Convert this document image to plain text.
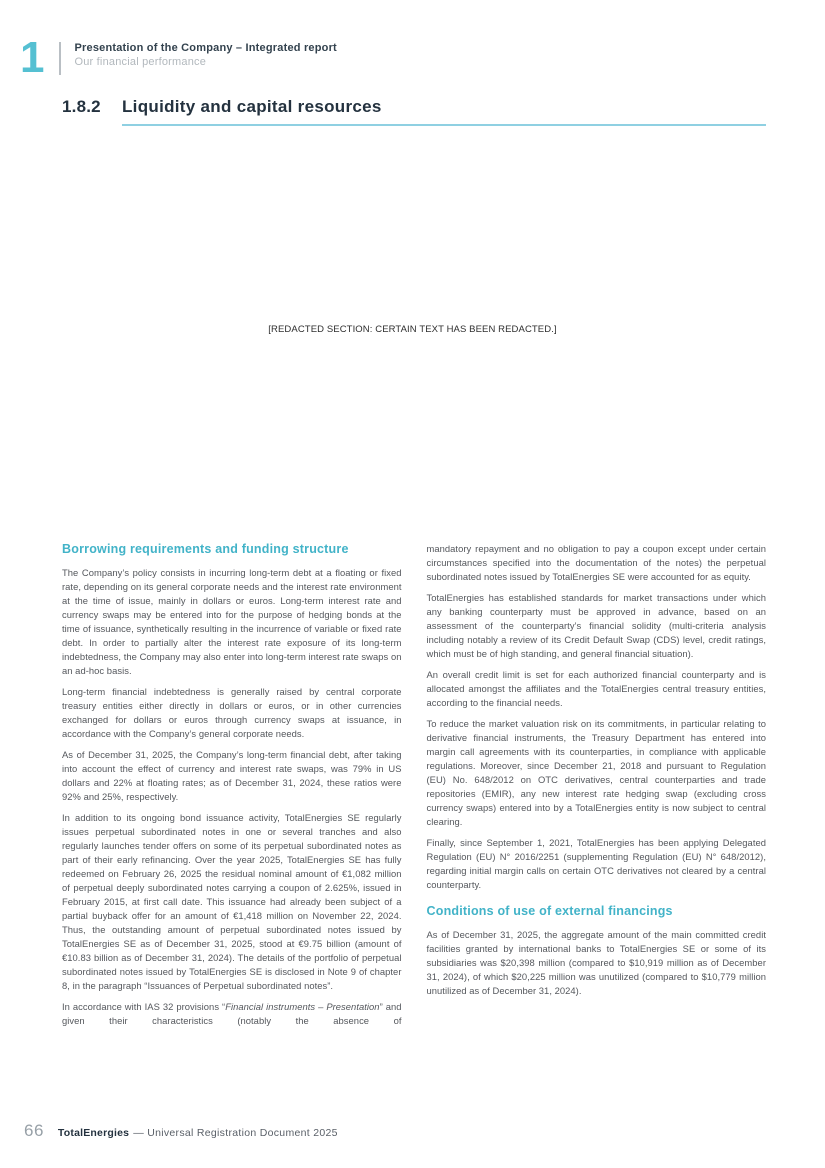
1	Presentation of the Company – Integrated report
Our financial performance
1.8.2	Liquidity and capital resources
[REDACTED SECTION: CERTAIN TEXT HAS BEEN REDACTED.]
Borrowing requirements and funding structure

The Company’s policy consists in incurring long-term debt at a floating or fixed rate, depending on its general corporate needs and the interest rate environment at the time of issue, mainly in dollars or euros. Long-term interest rate and currency swaps may be entered into for the purpose of hedging bonds at the time of issuance, synthetically resulting in the incurrence of variable or fixed rate debt. In order to partially alter the interest rate exposure of its long-term indebtedness, the Company may also enter into long-term interest rate swaps on an ad-hoc basis.

Long-term financial indebtedness is generally raised by central corporate treasury entities either directly in dollars or euros, or in other currencies exchanged for dollars or euros through currency swaps at issuance, in accordance with the Company’s general corporate needs.

As of December 31, 2025, the Company’s long-term financial debt, after taking into account the effect of currency and interest rate swaps, was 79% in US dollars and 22% at floating rates; as of December 31, 2024, these ratios were 92% and 25%, respectively.

In addition to its ongoing bond issuance activity, TotalEnergies SE regularly issues perpetual subordinated notes in one or several tranches and also regularly launches tender offers on some of its perpetual subordinated notes as part of their early refinancing. Over the year 2025, TotalEnergies SE has fully redeemed on February 26, 2025 the residual nominal amount of €1,082 million of perpetual deeply subordinated notes carrying a coupon of 2.625%, issued in February 2015, at first call date. This issuance had already been subject of a partial buyback offer for an amount of €1,418 million on November 22, 2024. Thus, the outstanding amount of perpetual subordinated notes issued by TotalEnergies SE as of December 31, 2025, stood at €9.75 billion (amount of €10.83 billion as of December 31, 2024). The details of the portfolio of perpetual subordinated notes issued by TotalEnergies SE is disclosed in Note 9 of chapter 8, in the paragraph “Issuances of Perpetual subordinated notes”.

In accordance with IAS 32 provisions “Financial instruments – Presentation” and given their characteristics (notably the absence of

mandatory repayment and no obligation to pay a coupon except under certain circumstances specified into the documentation of the notes) the perpetual subordinated notes issued by TotalEnergies SE were accounted for as equity.

TotalEnergies has established standards for market transactions under which any banking counterparty must be approved in advance, based on an assessment of the counterparty’s financial solidity (multi-criteria analysis including notably a review of its Credit Default Swap (CDS) level, credit ratings, which must be of high standing, and general financial situation).

An overall credit limit is set for each authorized financial counterparty and is allocated amongst the affiliates and the TotalEnergies central treasury entities, according to the financial needs.

To reduce the market valuation risk on its commitments, in particular relating to derivative financial instruments, the Treasury Department has entered into margin call agreements with its counterparties, in compliance with applicable regulations. Moreover, since December 21, 2018 and pursuant to Regulation (EU) No. 648/2012 on OTC derivatives, central counterparties and trade repositories (EMIR), any new interest rate hedging swap (excluding cross currency swaps) entered into by a TotalEnergies entity is now subject to central clearing.

Finally, since September 1, 2021, TotalEnergies has been applying Delegated Regulation (EU) N° 2016/2251 (supplementing Regulation (EU) N° 648/2012), regarding initial margin calls on certain OTC derivatives not cleared by a central counterparty.

Conditions of use of external financings

As of December 31, 2025, the aggregate amount of the main committed credit facilities granted by international banks to TotalEnergies SE or some of its subsidiaries was $20,398 million (compared to $10,919 million as of December 31, 2024), of which $20,225 million was unutilized (compared to $10,779 million unutilized as of December 31, 2024).

66 TotalEnergies — Universal Registration Document 2025
